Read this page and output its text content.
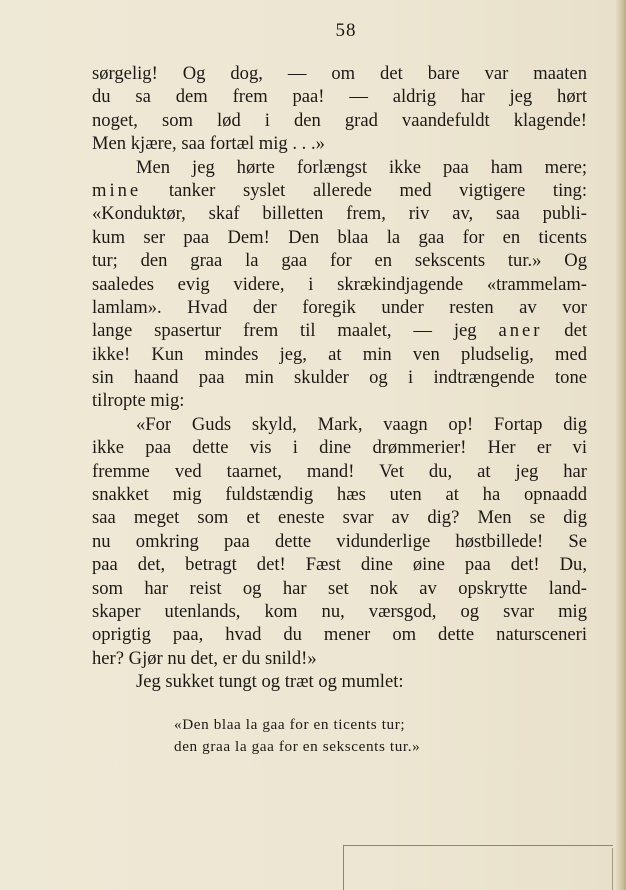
58
sørgelig! Og dog, — om det bare var maaten
du sa dem frem paa! — aldrig har jeg hørt
noget, som lød i den grad vaandefuldt klagende!
Men kjære, saa fortæl mig . . .»
Men jeg hørte forlængst ikke paa ham mere;
mine tanker syslet allerede med vigtigere ting:
«Konduktør, skaf billetten frem, riv av, saa publi-
kum ser paa Dem! Den blaa la gaa for en ticents
tur; den graa la gaa for en sekscents tur.» Og
saaledes evig videre, i skrækindjagende «trammelam-
lamlam». Hvad der foregik under resten av vor
lange spasertur frem til maalet, — jeg aner det
ikke! Kun mindes jeg, at min ven pludselig, med
sin haand paa min skulder og i indtrængende tone
tilropte mig:
«For Guds skyld, Mark, vaagn op! Fortap dig
ikke paa dette vis i dine drømmerier! Her er vi
fremme ved taarnet, mand! Vet du, at jeg har
snakket mig fuldstændig hæs uten at ha opnaadd
saa meget som et eneste svar av dig? Men se dig
nu omkring paa dette vidunderlige høstbillede! Se
paa det, betragt det! Fæst dine øine paa det! Du,
som har reist og har set nok av opskrytte land-
skaper utenlands, kom nu, værsgod, og svar mig
oprigtig paa, hvad du mener om dette natursceneri
her? Gjør nu det, er du snild!»
Jeg sukket tungt og træt og mumlet:
«Den blaa la gaa for en ticents tur;
den graa la gaa for en sekscents tur.»
